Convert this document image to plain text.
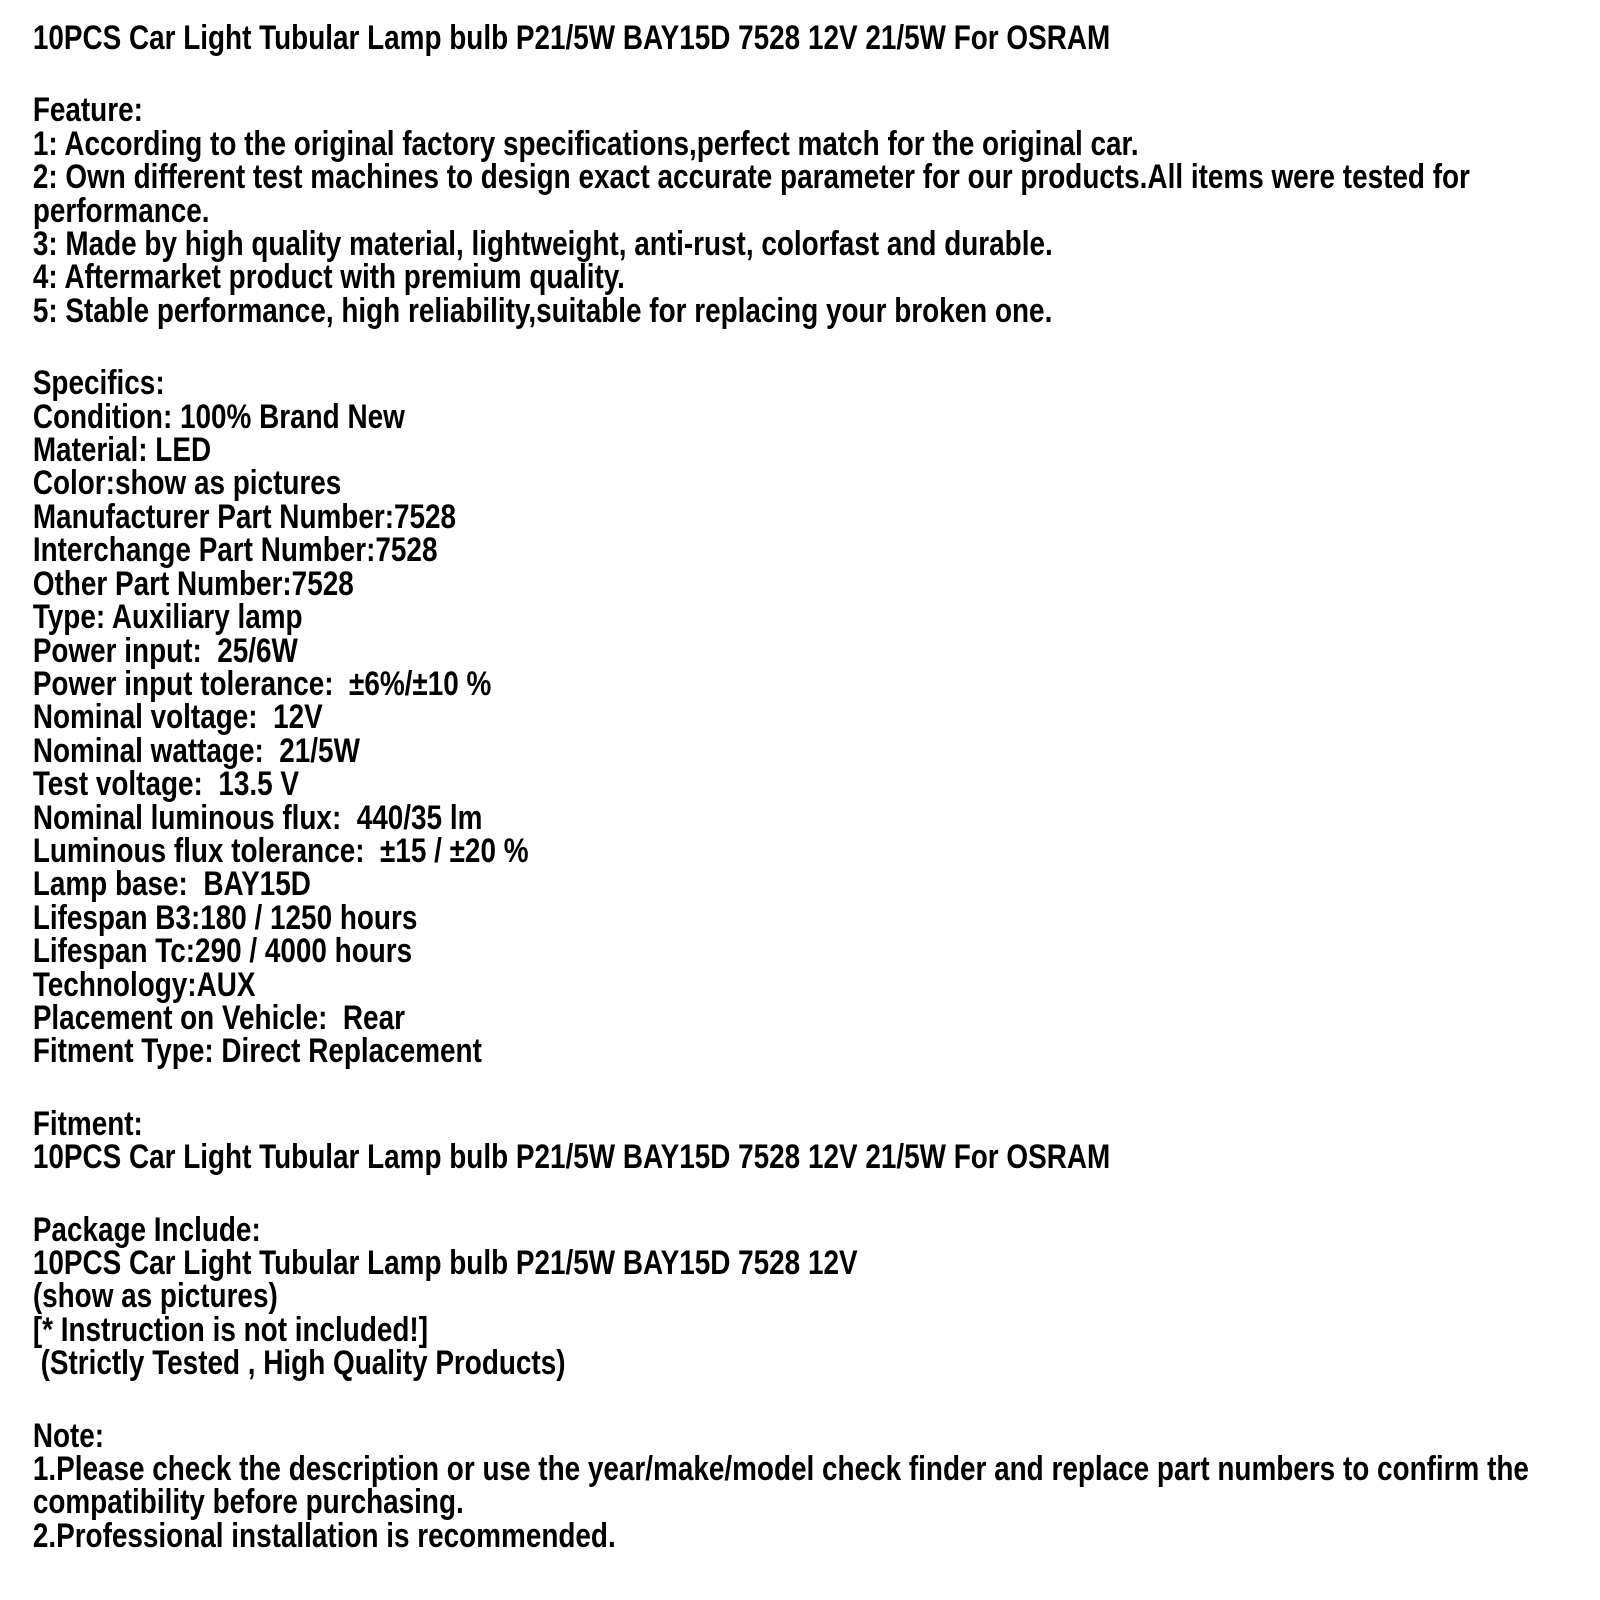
10PCS Car Light Tubular Lamp bulb P21/5W BAY15D 7528 12V 21/5W For OSRAM
Feature:
1: According to the original factory specifications,perfect match for the original car.
2: Own different test machines to design exact accurate parameter for our products.All items were tested for performance.
3: Made by high quality material, lightweight, anti-rust, colorfast and durable.
4: Aftermarket product with premium quality.
5: Stable performance, high reliability,suitable for replacing your broken one.
Specifics:
Condition: 100% Brand New
Material: LED
Color:show as pictures
Manufacturer Part Number:7528
Interchange Part Number:7528
Other Part Number:7528
Type: Auxiliary lamp
Power input:  25/6W
Power input tolerance:  ±6%/±10 %
Nominal voltage:  12V
Nominal wattage:  21/5W
Test voltage:  13.5 V
Nominal luminous flux:  440/35 lm
Luminous flux tolerance:  ±15 / ±20 %
Lamp base:  BAY15D
Lifespan B3:180 / 1250 hours
Lifespan Tc:290 / 4000 hours
Technology:AUX
Placement on Vehicle:  Rear
Fitment Type: Direct Replacement
Fitment:
10PCS Car Light Tubular Lamp bulb P21/5W BAY15D 7528 12V 21/5W For OSRAM
Package Include:
10PCS Car Light Tubular Lamp bulb P21/5W BAY15D 7528 12V
(show as pictures)
[* Instruction is not included!]
(Strictly Tested , High Quality Products)
Note:
1.Please check the description or use the year/make/model check finder and replace part numbers to confirm the compatibility before purchasing.
2.Professional installation is recommended.
